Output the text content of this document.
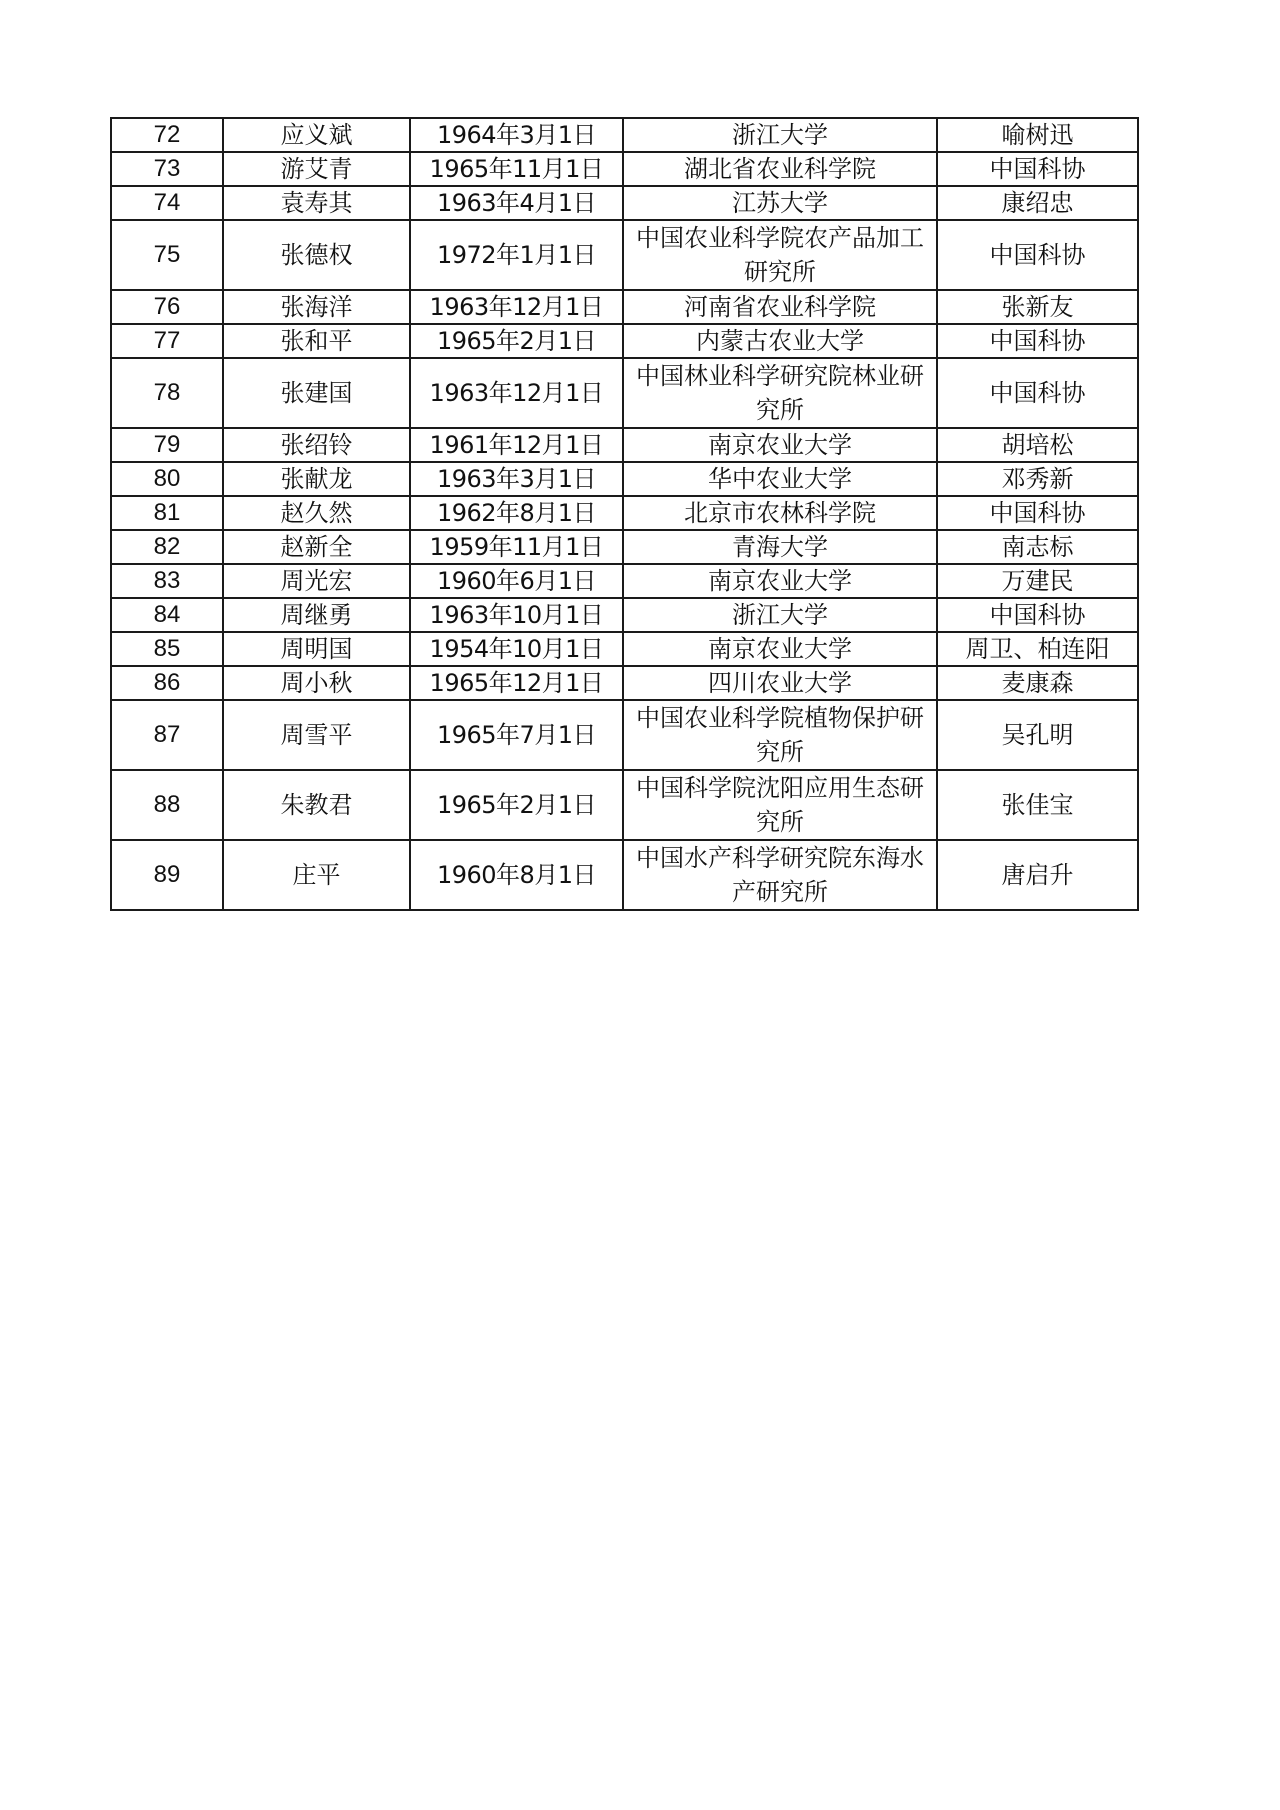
72	应义斌	1964年3月1日	浙江大学	喻树迅
73	游艾青	1965年11月1日	湖北省农业科学院	中国科协
74	袁寿其	1963年4月1日	江苏大学	康绍忠
75	张德权	1972年1月1日	中国农业科学院农产品加工研究所	中国科协
76	张海洋	1963年12月1日	河南省农业科学院	张新友
77	张和平	1965年2月1日	内蒙古农业大学	中国科协
78	张建国	1963年12月1日	中国林业科学研究院林业研究所	中国科协
79	张绍铃	1961年12月1日	南京农业大学	胡培松
80	张献龙	1963年3月1日	华中农业大学	邓秀新
81	赵久然	1962年8月1日	北京市农林科学院	中国科协
82	赵新全	1959年11月1日	青海大学	南志标
83	周光宏	1960年6月1日	南京农业大学	万建民
84	周继勇	1963年10月1日	浙江大学	中国科协
85	周明国	1954年10月1日	南京农业大学	周卫、柏连阳
86	周小秋	1965年12月1日	四川农业大学	麦康森
87	周雪平	1965年7月1日	中国农业科学院植物保护研究所	吴孔明
88	朱教君	1965年2月1日	中国科学院沈阳应用生态研究所	张佳宝
89	庄平	1960年8月1日	中国水产科学研究院东海水产研究所	唐启升
